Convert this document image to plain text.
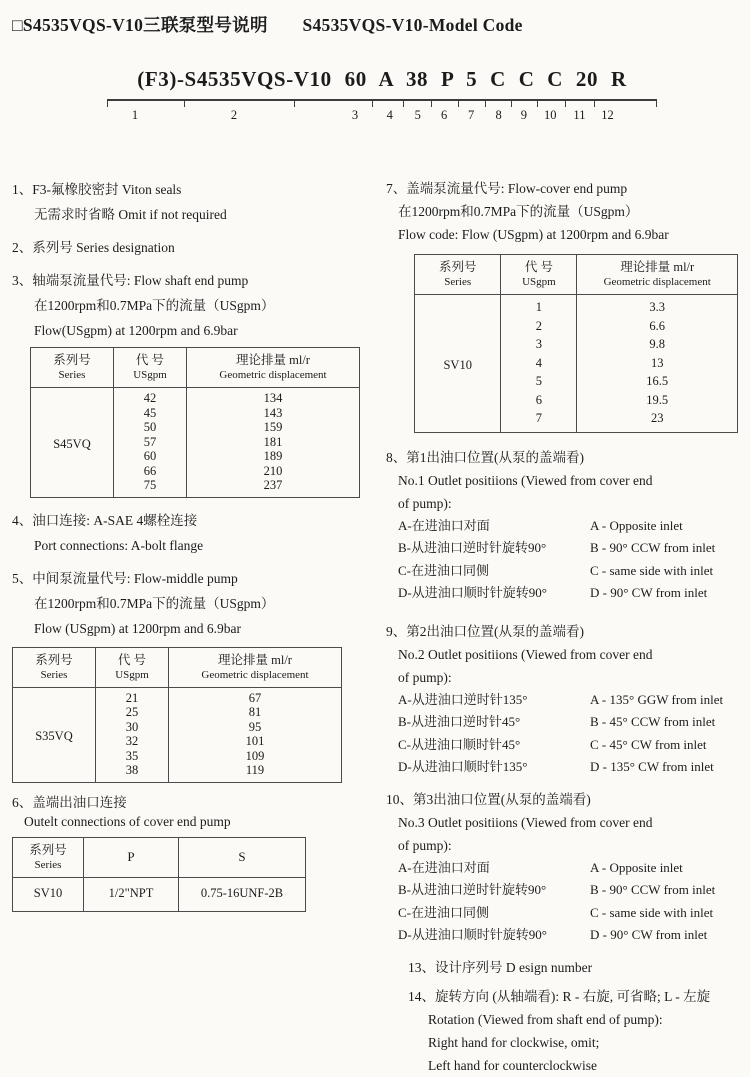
□S4535VQS-V10三联泵型号说明 S4535VQS-V10-Model Code
(F3)-S4535VQS-V10 60 A 38 P 5 C C C 20 R
1	2	3 4 5 6 7 8 9 10 11 12
1、F3-氟橡胶密封 Viton seals
无需求时省略 Omit if not required
2、系列号 Series designation
3、轴端泵流量代号: Flow shaft end pump
在1200rpm和0.7MPa下的流量（USgpm）
Flow(USgpm) at 1200rpm and 6.9bar
系列号
Series

代 号
USgpm

理论排量 ml/r
Geometric displacement

S45VQ	42	134
	45	143
	50	159
	57	181
	60	189
	66	210
	75	237
4、油口连接: A-SAE 4螺栓连接
Port connections: A-bolt flange
5、中间泵流量代号: Flow-middle pump
在1200rpm和0.7MPa下的流量（USgpm）
Flow (USgpm) at 1200rpm and 6.9bar
系列号
Series

代 号
USgpm

理论排量 ml/r
Geometric displacement

S35VQ	21	67
	25	81
	30	95
	32	101
	35	109
	38	119
6、盖端出油口连接
Outelt connections of cover end pump
系列号
Series	P	S
SV10	1/2"NPT	0.75-16UNF-2B
7、盖端泵流量代号: Flow-cover end pump
在1200rpm和0.7MPa下的流量（USgpm）
Flow code: Flow (USgpm) at 1200rpm and 6.9bar
系列号
Series

代 号
USgpm

理论排量 ml/r
Geometric displacement

SV10	1	3.3
	2	6.6
	3	9.8
	4	13
	5	16.5
	6	19.5
	7	23
8、第1出油口位置(从泵的盖端看)
No.1 Outlet positiions (Viewed from cover end
of pump):
A-在进油口对面	A - Opposite inlet
B-从进油口逆时针旋转90°	B - 90° CCW from inlet
C-在进油口同侧	C - same side with inlet
D-从进油口顺时针旋转90°	D - 90° CW from inlet
9、第2出油口位置(从泵的盖端看)
No.2 Outlet positiions (Viewed from cover end
of pump):
A-从进油口逆时针135°	A - 135° GGW from inlet
B-从进油口逆时针45°	B - 45° CCW from inlet
C-从进油口顺时针45°	C - 45° CW from inlet
D-从进油口顺时针135°	D - 135° CW from inlet
10、第3出油口位置(从泵的盖端看)
No.3 Outlet positiions (Viewed from cover end
of pump):
A-在进油口对面	A - Opposite inlet
B-从进油口逆时针旋转90°	B - 90° CCW from inlet
C-在进油口同侧	C - same side with inlet
D-从进油口顺时针旋转90°	D - 90° CW from inlet
13、设计序列号 D esign number
14、旋转方向 (从轴端看): R - 右旋, 可省略; L - 左旋
Rotation (Viewed from shaft end of pump):
Right hand for clockwise, omit;
Left hand for counterclockwise
